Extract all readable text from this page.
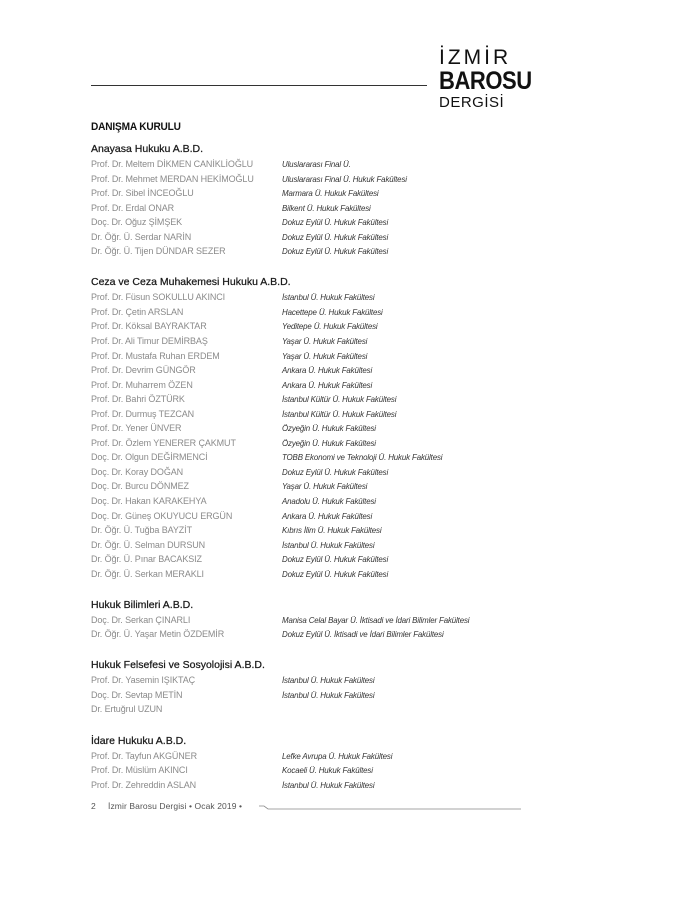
İZMİR
BAROSU
DERGİSİ
DANIŞMA KURULU
Anayasa Hukuku A.B.D.
Prof. Dr. Meltem DİKMEN CANİKLİOĞLU	Uluslararası Final Ü.
Prof. Dr. Mehmet MERDAN HEKİMOĞLU	Uluslararası Final Ü. Hukuk Fakültesi
Prof. Dr. Sibel İNCEOĞLU	Marmara Ü. Hukuk Fakültesi
Prof. Dr. Erdal ONAR	Bilkent Ü. Hukuk Fakültesi
Doç. Dr. Oğuz ŞİMŞEK	Dokuz Eylül Ü. Hukuk Fakültesi
Dr. Öğr. Ü. Serdar NARİN	Dokuz Eylül Ü. Hukuk Fakültesi
Dr. Öğr. Ü. Tijen DÜNDAR SEZER	Dokuz Eylül Ü. Hukuk Fakültesi
Ceza ve Ceza Muhakemesi Hukuku A.B.D.
Prof. Dr. Füsun SOKULLU AKINCI	İstanbul Ü. Hukuk Fakültesi
Prof. Dr. Çetin ARSLAN	Hacettepe Ü. Hukuk Fakültesi
Prof. Dr. Köksal BAYRAKTAR	Yeditepe Ü. Hukuk Fakültesi
Prof. Dr. Ali Timur DEMİRBAŞ	Yaşar Ü. Hukuk Fakültesi
Prof. Dr. Mustafa Ruhan ERDEM	Yaşar Ü. Hukuk Fakültesi
Prof. Dr. Devrim GÜNGÖR	Ankara Ü. Hukuk Fakültesi
Prof. Dr. Muharrem ÖZEN	Ankara Ü. Hukuk Fakültesi
Prof. Dr. Bahri ÖZTÜRK	İstanbul Kültür Ü. Hukuk Fakültesi
Prof. Dr. Durmuş TEZCAN	İstanbul Kültür Ü. Hukuk Fakültesi
Prof. Dr. Yener ÜNVER	Özyeğin Ü. Hukuk Fakültesi
Prof. Dr. Özlem YENERER ÇAKMUT	Özyeğin Ü. Hukuk Fakültesi
Doç. Dr. Olgun DEĞİRMENCİ	TOBB Ekonomi ve Teknoloji Ü. Hukuk Fakültesi
Doç. Dr. Koray DOĞAN	Dokuz Eylül Ü. Hukuk Fakültesi
Doç. Dr. Burcu DÖNMEZ	Yaşar Ü. Hukuk Fakültesi
Doç. Dr. Hakan KARAKEHYA	Anadolu Ü. Hukuk Fakültesi
Doç. Dr. Güneş OKUYUCU ERGÜN	Ankara Ü. Hukuk Fakültesi
Dr. Öğr. Ü. Tuğba BAYZİT	Kıbrıs İlim Ü. Hukuk Fakültesi
Dr. Öğr. Ü. Selman DURSUN	İstanbul Ü. Hukuk Fakültesi
Dr. Öğr. Ü. Pınar BACAKSIZ	Dokuz Eylül Ü. Hukuk Fakültesi
Dr. Öğr. Ü. Serkan MERAKLI	Dokuz Eylül Ü. Hukuk Fakültesi
Hukuk Bilimleri A.B.D.
Doç. Dr. Serkan ÇINARLI	Manisa Celal Bayar Ü. İktisadi ve İdari Bilimler Fakültesi
Dr. Öğr. Ü. Yaşar Metin ÖZDEMİR	Dokuz Eylül Ü. İktisadi ve İdari Bilimler Fakültesi
Hukuk Felsefesi ve Sosyolojisi A.B.D.
Prof. Dr. Yasemin IŞIKTAÇ	İstanbul Ü. Hukuk Fakültesi
Doç. Dr. Sevtap METİN	İstanbul Ü. Hukuk Fakültesi
Dr. Ertuğrul UZUN
İdare Hukuku A.B.D.
Prof. Dr. Tayfun AKGÜNER	Lefke Avrupa Ü. Hukuk Fakültesi
Prof. Dr. Müslüm AKINCI	Kocaeli Ü. Hukuk Fakültesi
Prof. Dr. Zehreddin ASLAN	İstanbul Ü. Hukuk Fakültesi
2 İzmir Barosu Dergisi • Ocak 2019 •
